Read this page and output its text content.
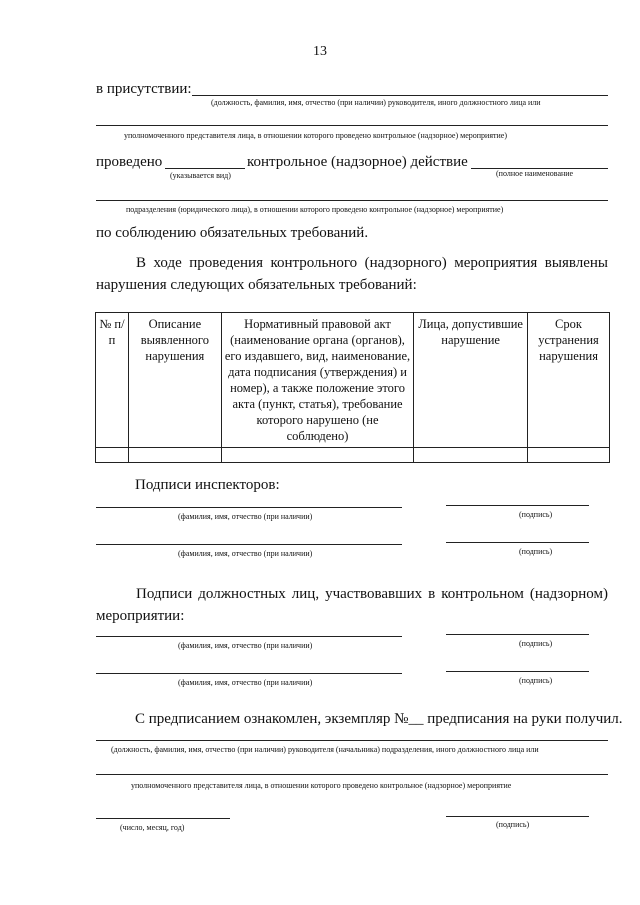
13
в присутствии:
(должность, фамилия, имя, отчество (при наличии) руководителя, иного должностного лица или
уполномоченного представителя лица, в отношении которого проведено контрольное (надзорное) мероприятие)
проведено	контрольное (надзорное) действие
(указывается вид)	(полное наименование
подразделения (юридического лица), в отношении которого проведено контрольное (надзорное) мероприятие)
по соблюдению обязательных требований.
В ходе проведения контрольного (надзорного) мероприятия выявлены нарушения следующих обязательных требований:
№ п/п	Описание выявленного нарушения	Нормативный правовой акт (наименование органа (органов), его издавшего, вид, наименование, дата подписания (утверждения) и номер), а также положение этого акта (пункт, статья), требование которого нарушено (не соблюдено)	Лица, допустившие нарушение	Срок устранения нарушения

Подписи инспекторов:
(фамилия, имя, отчество (при наличии)	(подпись)
(фамилия, имя, отчество (при наличии)	(подпись)
Подписи должностных лиц, участвовавших в контрольном (надзорном) мероприятии:
(фамилия, имя, отчество (при наличии)	(подпись)
(фамилия, имя, отчество (при наличии)	(подпись)
С предписанием ознакомлен, экземпляр №__ предписания на руки получил.
(должность, фамилия, имя, отчество (при наличии) руководителя (начальника) подразделения, иного должностного лица или
уполномоченного представителя лица, в отношении которого проведено контрольное (надзорное) мероприятие
(число, месяц, год)	(подпись)
